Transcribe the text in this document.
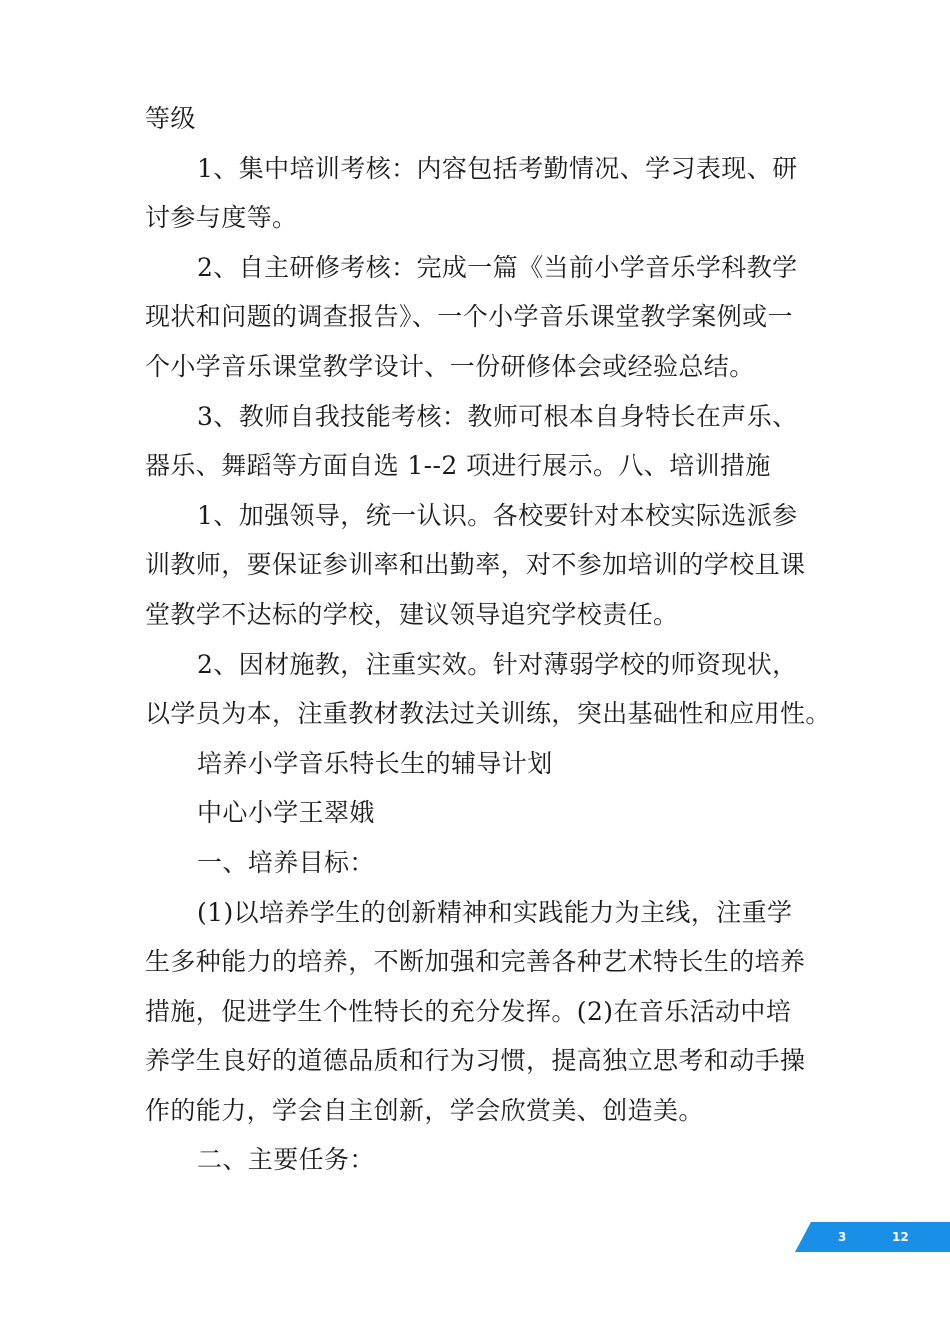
等级
1、集中培训考核：内容包括考勤情况、学习表现、研
讨参与度等。
2、自主研修考核：完成一篇《当前小学音乐学科教学
现状和问题的调查报告》、一个小学音乐课堂教学案例或一
个小学音乐课堂教学设计、一份研修体会或经验总结。
3、教师自我技能考核：教师可根本自身特长在声乐、
器乐、舞蹈等方面自选 1--2 项进行展示。八、培训措施
1、加强领导，统一认识。各校要针对本校实际选派参
训教师，要保证参训率和出勤率，对不参加培训的学校且课
堂教学不达标的学校，建议领导追究学校责任。
2、因材施教，注重实效。针对薄弱学校的师资现状，
以学员为本，注重教材教法过关训练，突出基础性和应用性。
培养小学音乐特长生的辅导计划
中心小学王翠娥
一、培养目标：
(1)以培养学生的创新精神和实践能力为主线，注重学
生多种能力的培养，不断加强和完善各种艺术特长生的培养
措施，促进学生个性特长的充分发挥。(2)在音乐活动中培
养学生良好的道德品质和行为习惯，提高独立思考和动手操
作的能力，学会自主创新，学会欣赏美、创造美。
二、主要任务：
3	12
